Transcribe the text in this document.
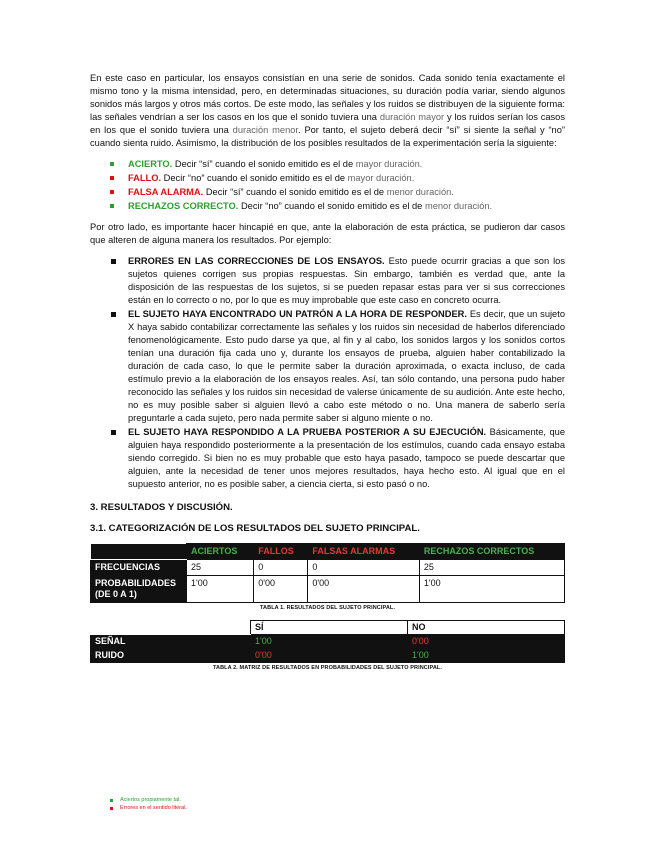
En este caso en particular, los ensayos consistían en una serie de sonidos. Cada sonido tenía exactamente el mismo tono y la misma intensidad, pero, en determinadas situaciones, su duración podía variar, siendo algunos sonidos más largos y otros más cortos. De este modo, las señales y los ruidos se distribuyen de la siguiente forma: las señales vendrían a ser los casos en los que el sonido tuviera una duración mayor y los ruidos serían los casos en los que el sonido tuviera una duración menor. Por tanto, el sujeto deberá decir “sí” si siente la señal y “no” cuando sienta ruido. Asimismo, la distribución de los posibles resultados de la experimentación sería la siguiente:

ACIERTO. Decir “sí” cuando el sonido emitido es el de mayor duración.
FALLO. Decir “no” cuando el sonido emitido es el de mayor duración.
FALSA ALARMA. Decir “sí” cuando el sonido emitido es el de menor duración.
RECHAZOS CORRECTO. Decir “no” cuando el sonido emitido es el de menor duración.

Por otro lado, es importante hacer hincapié en que, ante la elaboración de esta práctica, se pudieron dar casos que alteren de alguna manera los resultados. Por ejemplo:

ERRORES EN LAS CORRECCIONES DE LOS ENSAYOS. Esto puede ocurrir gracias a que son los sujetos quienes corrigen sus propias respuestas. Sin embargo, también es verdad que, ante la disposición de las respuestas de los sujetos, si se pueden repasar estas para ver si sus correcciones están en lo correcto o no, por lo que es muy improbable que este caso en concreto ocurra.
EL SUJETO HAYA ENCONTRADO UN PATRÓN A LA HORA DE RESPONDER. Es decir, que un sujeto X haya sabido contabilizar correctamente las señales y los ruidos sin necesidad de haberlos diferenciado fenomenológicamente. Esto pudo darse ya que, al fin y al cabo, los sonidos largos y los sonidos cortos tenían una duración fija cada uno y, durante los ensayos de prueba, alguien haber contabilizado la duración de cada caso, lo que le permite saber la duración aproximada, o exacta incluso, de cada estímulo previo a la elaboración de los ensayos reales. Así, tan sólo contando, una persona pudo haber reconocido las señales y los ruidos sin necesidad de valerse únicamente de su audición. Ante este hecho, no es muy posible saber si alguien llevó a cabo este método o no. Una manera de saberlo sería preguntarle a cada sujeto, pero nada permite saber si alguno miente o no.
EL SUJETO HAYA RESPONDIDO A LA PRUEBA POSTERIOR A SU EJECUCIÓN. Básicamente, que alguien haya respondido posteriormente a la presentación de los estímulos, cuando cada ensayo estaba siendo corregido. Si bien no es muy probable que esto haya pasado, tampoco se puede descartar que alguien, ante la necesidad de tener unos mejores resultados, haya hecho esto. Al igual que en el supuesto anterior, no es posible saber, a ciencia cierta, si esto pasó o no.
3. RESULTADOS Y DISCUSIÓN.
3.1. CATEGORIZACIÓN DE LOS RESULTADOS DEL SUJETO PRINCIPAL.
	ACIERTOS	FALLOS	FALSAS ALARMAS	RECHAZOS CORRECTOS
FRECUENCIAS	25	0	0	25
PROBABILIDADES (DE 0 A 1)	1'00	0'00	0'00	1'00
TABLA 1. RESULTADOS DEL SUJETO PRINCIPAL.
	SÍ	NO
SEÑAL	1'00	0'00
RUIDO	0'00	1'00
TABLA 2. MATRIZ DE RESULTADOS EN PROBABILIDADES DEL SUJETO PRINCIPAL.
Aciertos propiamente tal.
Errores en el sentido literal.
